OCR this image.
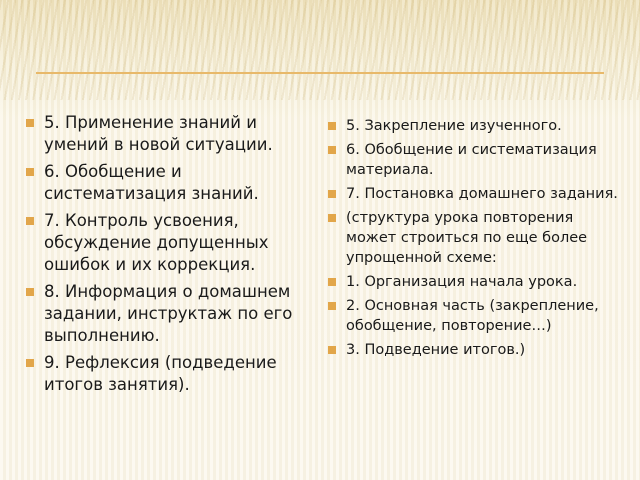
5. Применение знаний и умений в новой ситуации.
6. Обобщение и систематизация знаний.
7. Контроль усвоения, обсуждение допущенных ошибок и их коррекция.
8. Информация о домашнем задании, инструктаж по его выполнению.
9. Рефлексия (подведение итогов занятия).
5. Закрепление изученного.
6. Обобщение и систематизация материала.
7. Постановка домашнего задания.
(структура урока повторения может строиться по еще более упрощенной схеме:
1. Организация начала урока.
2. Основная часть (закрепление, обобщение, повторение…)
3. Подведение итогов.)
